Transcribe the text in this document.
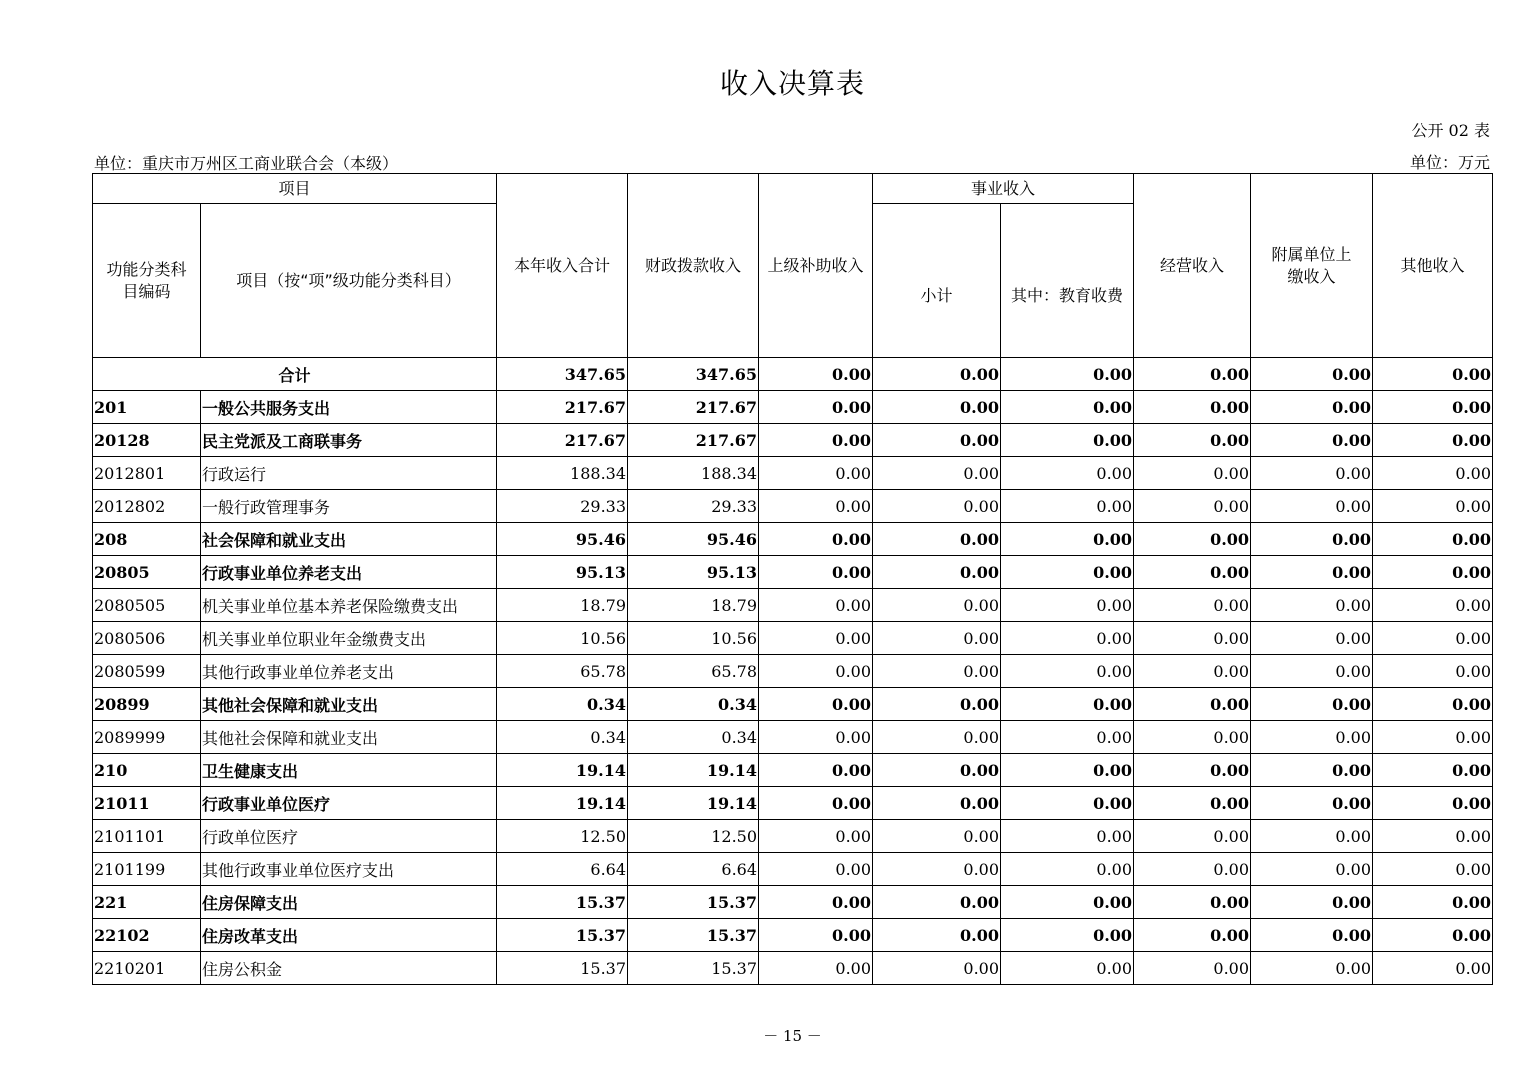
收入决算表
公开 02 表
单位：重庆市万州区工商业联合会（本级）	单位：万元
项目		本年收入合计	财政拨款收入	上级补助收入	事业收入		经营收入	附属单位上缴收入	其他收入
功能分类科目编码	项目（按“项”级功能分类科目）				小计	其中：教育收费			
合计		347.65	347.65	0.00	0.00	0.00	0.00	0.00	0.00
201	一般公共服务支出	217.67	217.67	0.00	0.00	0.00	0.00	0.00	0.00
20128	民主党派及工商联事务	217.67	217.67	0.00	0.00	0.00	0.00	0.00	0.00
2012801	行政运行	188.34	188.34	0.00	0.00	0.00	0.00	0.00	0.00
2012802	一般行政管理事务	29.33	29.33	0.00	0.00	0.00	0.00	0.00	0.00
208	社会保障和就业支出	95.46	95.46	0.00	0.00	0.00	0.00	0.00	0.00
20805	行政事业单位养老支出	95.13	95.13	0.00	0.00	0.00	0.00	0.00	0.00
2080505	机关事业单位基本养老保险缴费支出	18.79	18.79	0.00	0.00	0.00	0.00	0.00	0.00
2080506	机关事业单位职业年金缴费支出	10.56	10.56	0.00	0.00	0.00	0.00	0.00	0.00
2080599	其他行政事业单位养老支出	65.78	65.78	0.00	0.00	0.00	0.00	0.00	0.00
20899	其他社会保障和就业支出	0.34	0.34	0.00	0.00	0.00	0.00	0.00	0.00
2089999	其他社会保障和就业支出	0.34	0.34	0.00	0.00	0.00	0.00	0.00	0.00
210	卫生健康支出	19.14	19.14	0.00	0.00	0.00	0.00	0.00	0.00
21011	行政事业单位医疗	19.14	19.14	0.00	0.00	0.00	0.00	0.00	0.00
2101101	行政单位医疗	12.50	12.50	0.00	0.00	0.00	0.00	0.00	0.00
2101199	其他行政事业单位医疗支出	6.64	6.64	0.00	0.00	0.00	0.00	0.00	0.00
221	住房保障支出	15.37	15.37	0.00	0.00	0.00	0.00	0.00	0.00
22102	住房改革支出	15.37	15.37	0.00	0.00	0.00	0.00	0.00	0.00
2210201	住房公积金	15.37	15.37	0.00	0.00	0.00	0.00	0.00	0.00
－ 15 －
